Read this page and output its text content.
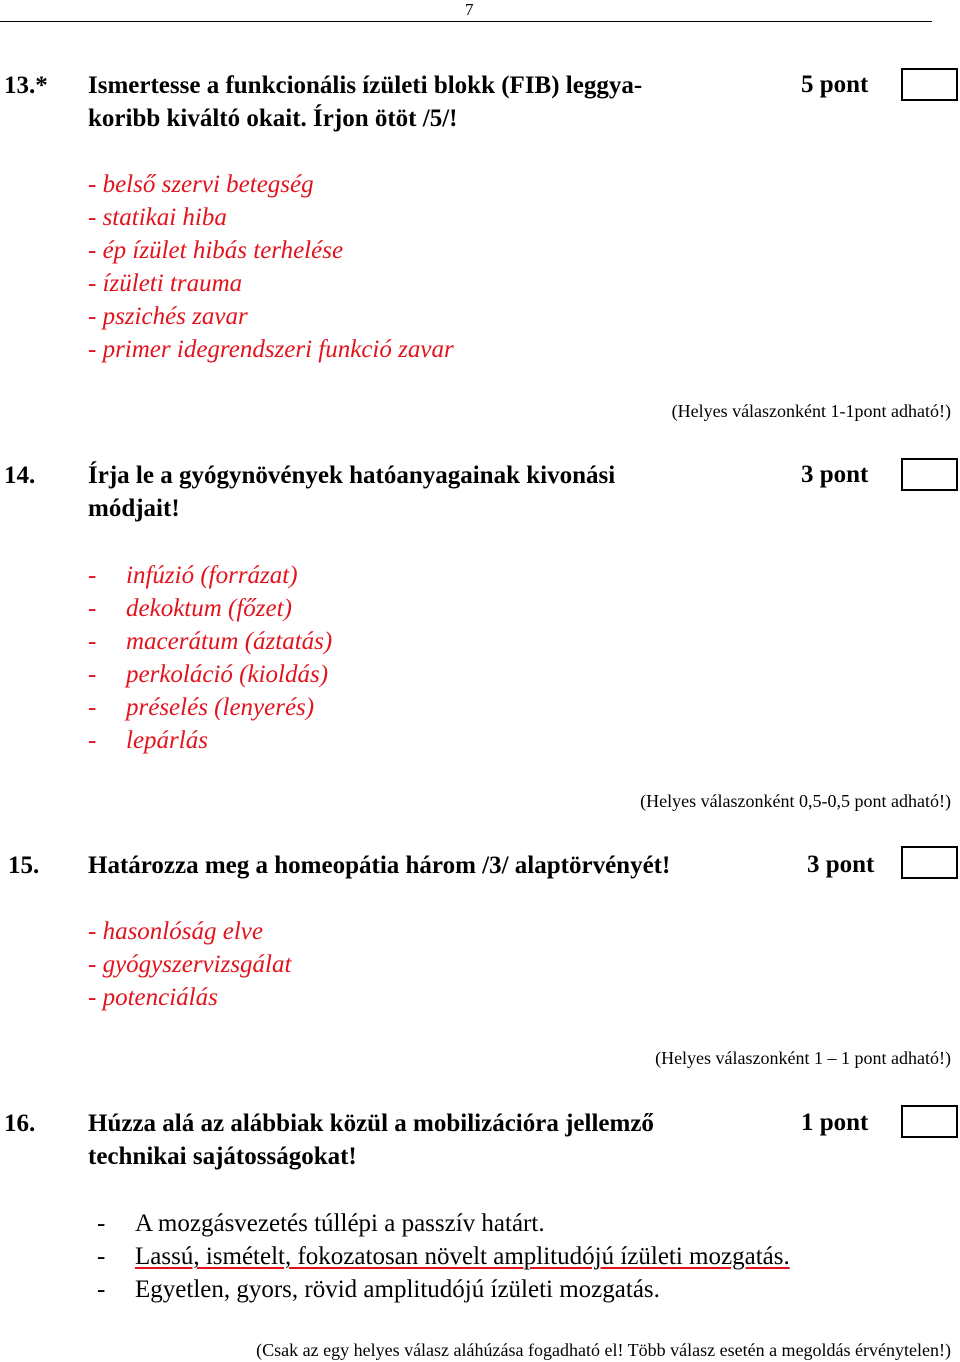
7
13.* Ismertesse a funkcionális ízületi blokk (FIB) leggya-
koribb kiváltó okait. Írjon ötöt /5/!
5 pont
- belső szervi betegség
- statikai hiba
- ép ízület hibás terhelése
- ízületi trauma
- pszichés zavar
- primer idegrendszeri funkció zavar
(Helyes válaszonként 1-1pont adható!)
14. Írja le a gyógynövények hatóanyagainak kivonási
módjait!
3 pont
- infúzió (forrázat)
- dekoktum (főzet)
- macerátum (áztatás)
- perkoláció (kioldás)
- préselés (lenyerés)
- lepárlás
(Helyes válaszonként 0,5-0,5 pont adható!)
15. Határozza meg a homeopátia három /3/ alaptörvényét!	3 pont
- hasonlóság elve
- gyógyszervizsgálat
- potenciálás
(Helyes válaszonként 1 – 1 pont adható!)
16. Húzza alá az alábbiak közül a mobilizációra jellemző
technikai sajátosságokat!
1 pont
- A mozgásvezetés túllépi a passzív határt.
- Lassú, ismételt, fokozatosan növelt amplitudójú ízületi mozgatás.
- Egyetlen, gyors, rövid amplitudójú ízületi mozgatás.
(Csak az egy helyes válasz aláhúzása fogadható el! Több válasz esetén a megoldás érvénytelen!)
